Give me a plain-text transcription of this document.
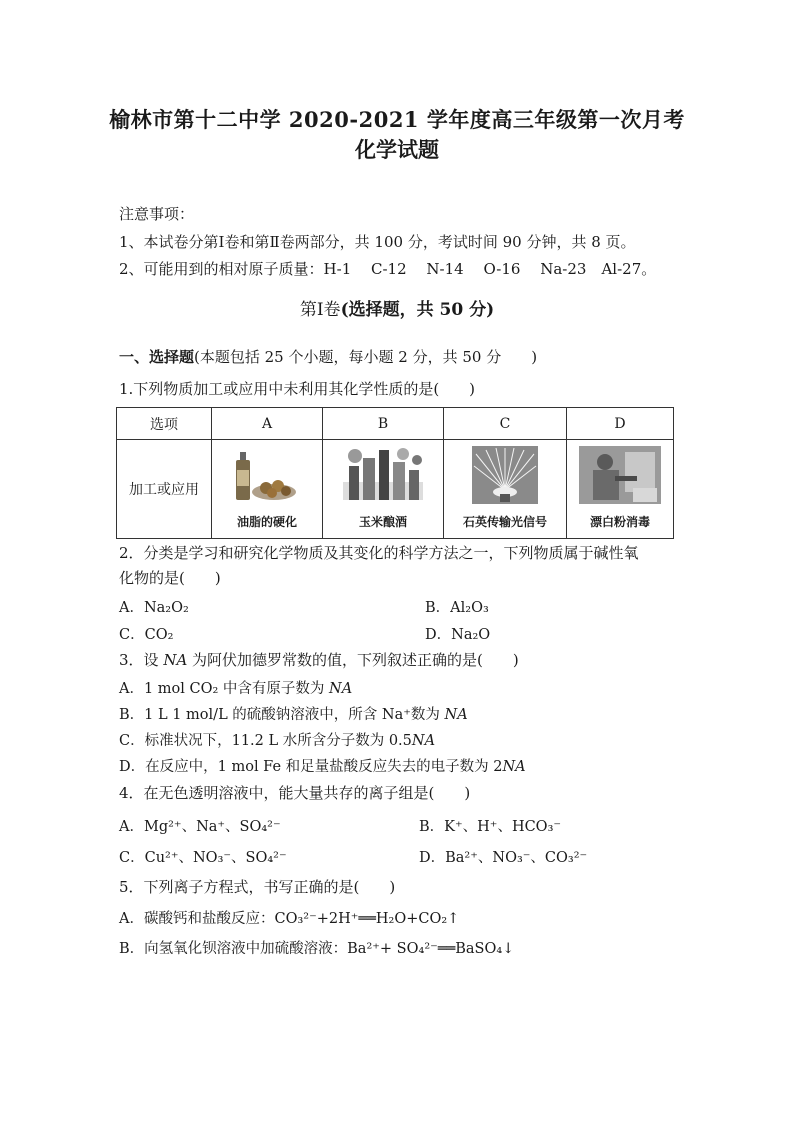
榆林市第十二中学 2020-2021 学年度高三年级第一次月考
化学试题
注意事项：
1、本试卷分第Ⅰ卷和第Ⅱ卷两部分，共 100 分，考试时间 90 分钟，共 8 页。
2、可能用到的相对原子质量：H-1　 C-12　 N-14　 O-16　 Na-23　Al-27。
第Ⅰ卷(选择题，共 50 分)
一、选择题(本题包括 25 个小题，每小题 2 分，共 50 分　　)
1.下列物质加工或应用中未利用其化学性质的是(　　)
选项	A	B	C	D
加工或应用	油脂的硬化	玉米酿酒	石英传输光信号	漂白粉消毒
2．分类是学习和研究化学物质及其变化的科学方法之一，下列物质属于碱性氧
化物的是(　　)
A．Na₂O₂	B．Al₂O₃
C．CO₂	D．Na₂O
3．设 NA 为阿伏加德罗常数的值，下列叙述正确的是(　　)
A．1 mol CO₂ 中含有原子数为 NA
B．1 L 1 mol/L 的硫酸钠溶液中，所含 Na⁺数为 NA
C．标准状况下，11.2 L 水所含分子数为 0.5NA
D．在反应中，1 mol Fe 和足量盐酸反应失去的电子数为 2NA
4．在无色透明溶液中，能大量共存的离子组是(　　)
A．Mg²⁺、Na⁺、SO₄²⁻	B．K⁺、H⁺、HCO₃⁻
C．Cu²⁺、NO₃⁻、SO₄²⁻	D．Ba²⁺、NO₃⁻、CO₃²⁻
5．下列离子方程式，书写正确的是(　　)
A．碳酸钙和盐酸反应：CO₃²⁻+2H⁺══H₂O+CO₂↑
B．向氢氧化钡溶液中加硫酸溶液：Ba²⁺+ SO₄²⁻══BaSO₄↓
